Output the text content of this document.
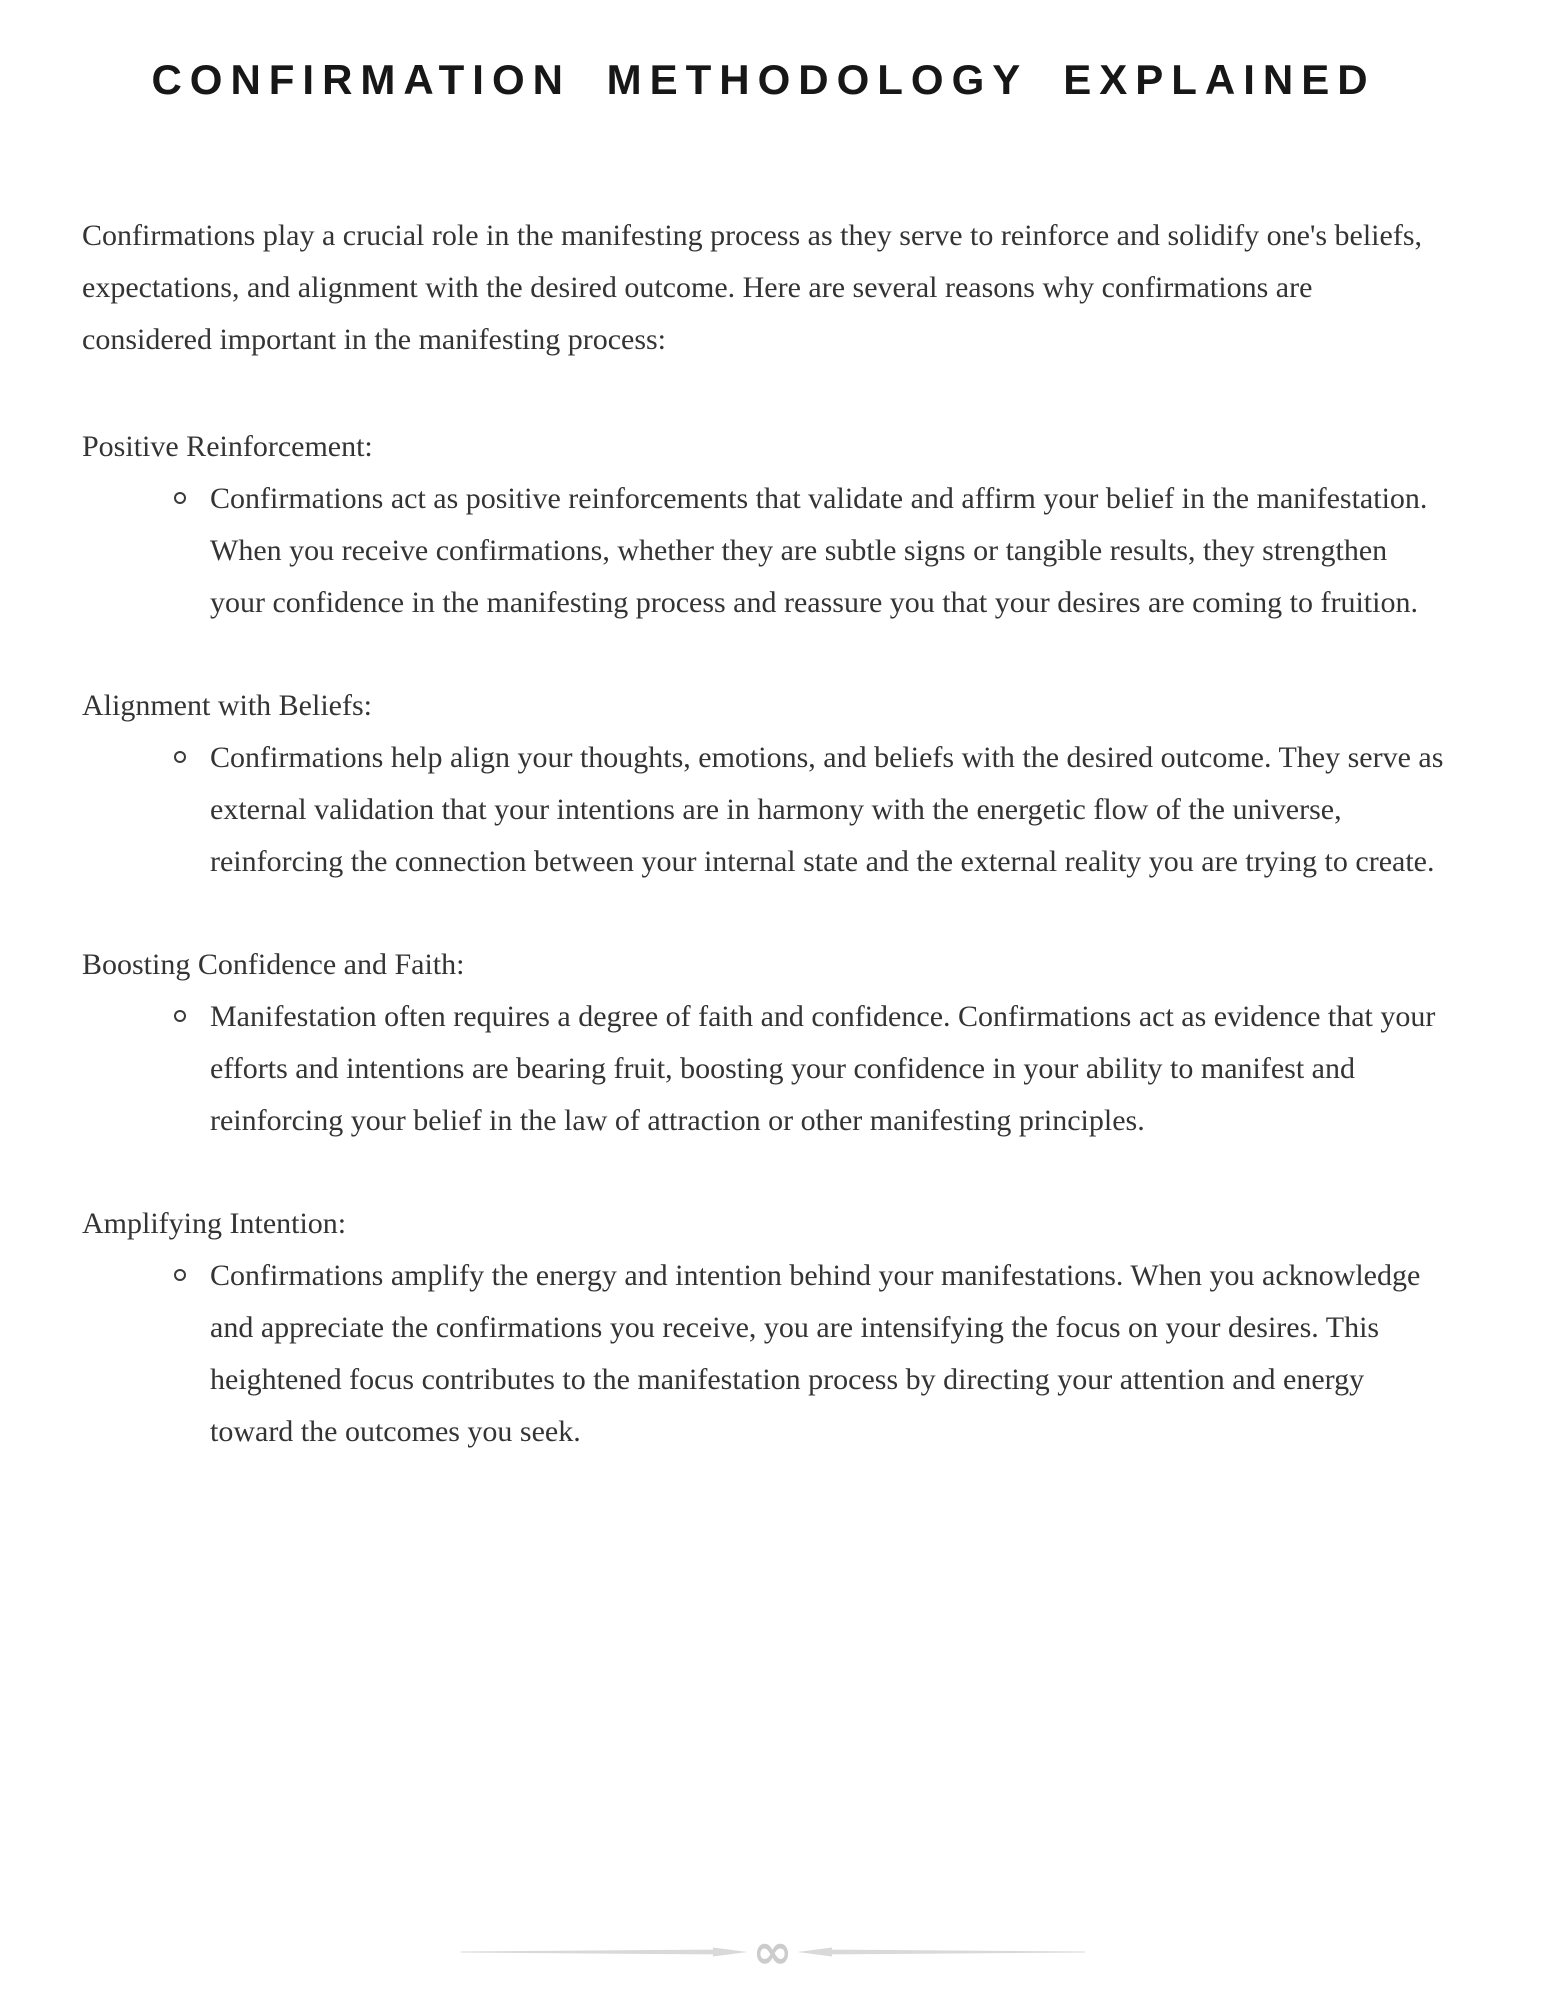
CONFIRMATION METHODOLOGY EXPLAINED

Confirmations play a crucial role in the manifesting process as they serve to reinforce and solidify one's beliefs, expectations, and alignment with the desired outcome. Here are several reasons why confirmations are considered important in the manifesting process:

Positive Reinforcement:

Confirmations act as positive reinforcements that validate and affirm your belief in the manifestation. When you receive confirmations, whether they are subtle signs or tangible results, they strengthen your confidence in the manifesting process and reassure you that your desires are coming to fruition.

Alignment with Beliefs:

Confirmations help align your thoughts, emotions, and beliefs with the desired outcome. They serve as external validation that your intentions are in harmony with the energetic flow of the universe, reinforcing the connection between your internal state and the external reality you are trying to create.

Boosting Confidence and Faith:

Manifestation often requires a degree of faith and confidence. Confirmations act as evidence that your efforts and intentions are bearing fruit, boosting your confidence in your ability to manifest and reinforcing your belief in the law of attraction or other manifesting principles.

Amplifying Intention:

Confirmations amplify the energy and intention behind your manifestations. When you acknowledge and appreciate the confirmations you receive, you are intensifying the focus on your desires. This heightened focus contributes to the manifestation process by directing your attention and energy toward the outcomes you seek.

∞
